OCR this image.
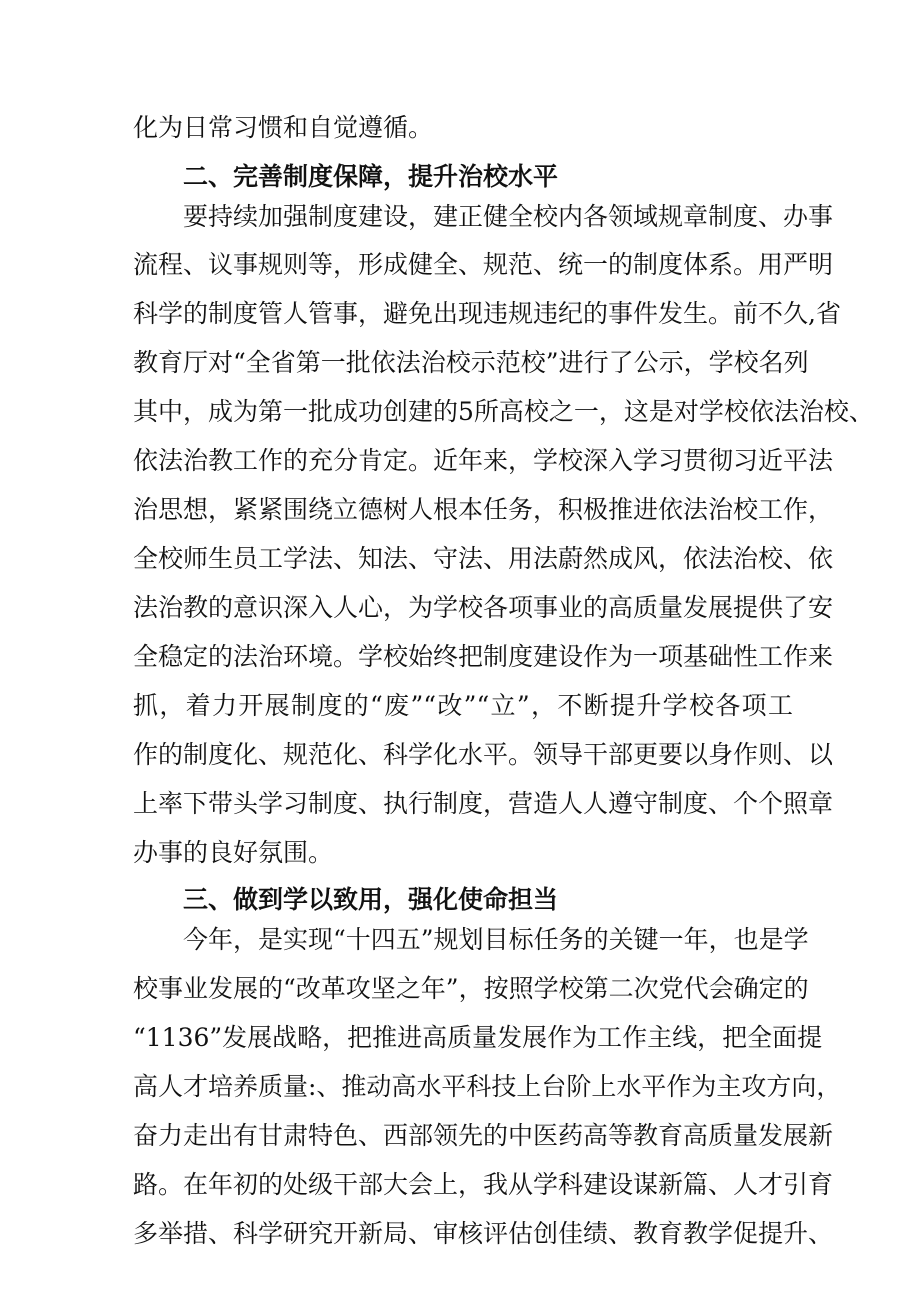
化为日常习惯和自觉遵循。
二、完善制度保障，提升治校水平
要持续加强制度建设，建正健全校内各领域规章制度、办事
流程、议事规则等，形成健全、规范、统一的制度体系。用严明
科学的制度管人管事，避免出现违规违纪的事件发生。前不久,省
教育厅对“全省第一批依法治校示范校”进行了公示，学校名列
其中，成为第一批成功创建的5所高校之一，这是对学校依法治校、
依法治教工作的充分肯定。近年来，学校深入学习贯彻习近平法
治思想，紧紧围绕立德树人根本任务，积极推进依法治校工作，
全校师生员工学法、知法、守法、用法蔚然成风，依法治校、依
法治教的意识深入人心，为学校各项事业的高质量发展提供了安
全稳定的法治环境。学校始终把制度建设作为一项基础性工作来
抓，着力开展制度的“废”“改”“立”，不断提升学校各项工
作的制度化、规范化、科学化水平。领导干部更要以身作则、以
上率下带头学习制度、执行制度，营造人人遵守制度、个个照章
办事的良好氛围。
三、做到学以致用，强化使命担当
今年，是实现“十四五”规划目标任务的关键一年，也是学
校事业发展的“改革攻坚之年”，按照学校第二次党代会确定的
“1136”发展战略，把推进高质量发展作为工作主线，把全面提
高人才培养质量:、推动高水平科技上台阶上水平作为主攻方向，
奋力走出有甘肃特色、西部领先的中医药高等教育高质量发展新
路。在年初的处级干部大会上，我从学科建设谋新篇、人才引育
多举措、科学研究开新局、审核评估创佳绩、教育教学促提升、
